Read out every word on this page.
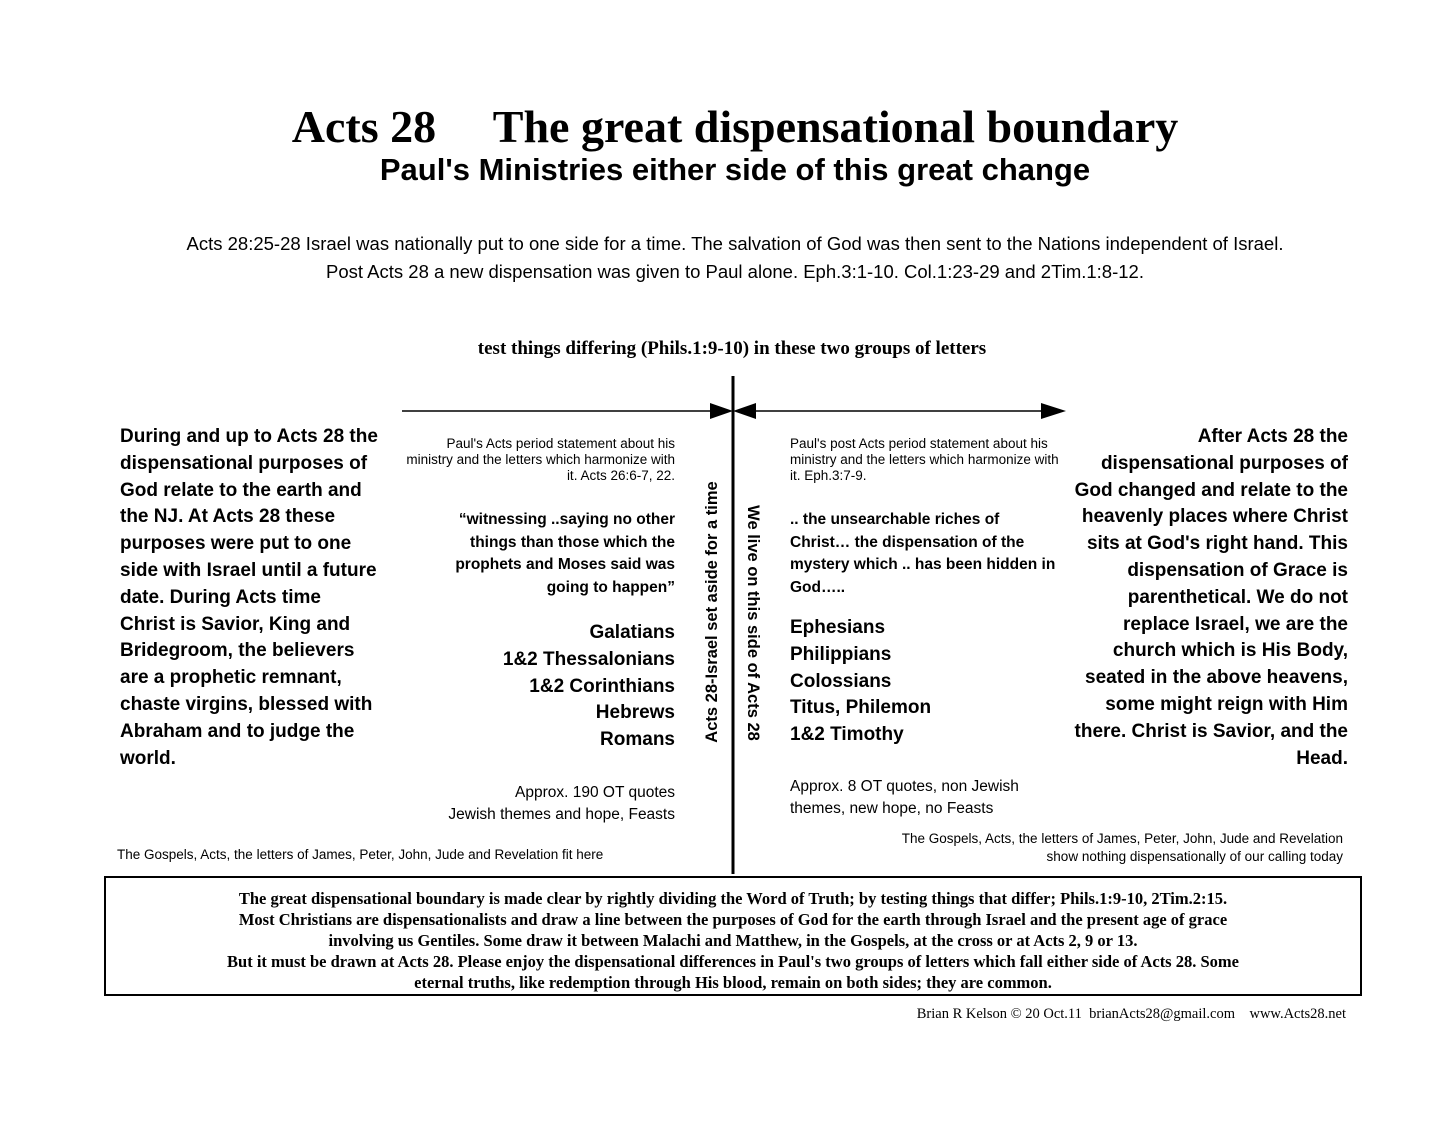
Acts 28     The great dispensational boundary
Paul's Ministries either side of this great change
Acts 28:25-28 Israel was nationally put to one side for a time. The salvation of God was then sent to the Nations independent of Israel.
Post Acts 28 a new dispensation was given to Paul alone. Eph.3:1-10. Col.1:23-29 and 2Tim.1:8-12.
test things differing (Phils.1:9-10) in these two groups of letters
During and up to Acts 28 the dispensational purposes of God relate to the earth and the NJ. At Acts 28 these purposes were put to one side with Israel until a future date. During Acts time Christ is Savior, King and Bridegroom, the believers are a prophetic remnant, chaste virgins, blessed with Abraham and to judge the world.
After Acts 28 the dispensational purposes of God changed and relate to the heavenly places where Christ sits at God's right hand. This dispensation of Grace is parenthetical. We do not replace Israel, we are the church which is His Body, seated in the above heavens, some might reign with Him there. Christ is Savior, and the Head.
Paul's Acts period statement about his ministry and the letters which harmonize with it. Acts 26:6-7, 22.
Paul's post Acts period statement about his ministry and the letters which harmonize with it. Eph.3:7-9.
“witnessing ..saying no other things than those which the prophets and Moses said was going to happen”
.. the unsearchable riches of Christ… the dispensation of the mystery which .. has been hidden in God…..
Galatians
1&2 Thessalonians
1&2 Corinthians
Hebrews
Romans
Ephesians
Philippians
Colossians
Titus, Philemon
1&2 Timothy
Approx. 190 OT quotes
Jewish themes and hope, Feasts
Approx. 8 OT quotes, non Jewish
themes, new hope, no Feasts
The Gospels, Acts, the letters of James, Peter, John, Jude and Revelation fit here
The Gospels, Acts, the letters of James, Peter, John, Jude and Revelation
show nothing dispensationally of our calling today
Acts 28-Israel set aside for a time We live on this side of Acts 28
The great dispensational boundary is made clear by rightly dividing the Word of Truth; by testing things that differ; Phils.1:9-10, 2Tim.2:15.
Most Christians are dispensationalists and draw a line between the purposes of God for the earth through Israel and the present age of grace
involving us Gentiles. Some draw it between Malachi and Matthew, in the Gospels, at the cross or at Acts 2, 9 or 13.
But it must be drawn at Acts 28. Please enjoy the dispensational differences in Paul's two groups of letters which fall either side of Acts 28. Some
eternal truths, like redemption through His blood, remain on both sides; they are common.
Brian R Kelson © 20 Oct.11  brianActs28@gmail.com    www.Acts28.net
